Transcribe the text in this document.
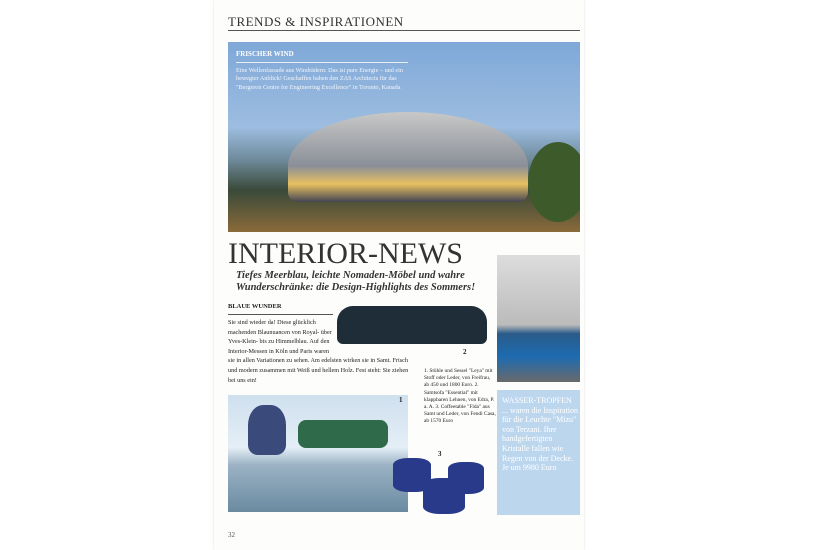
TRENDS & INSPIRATIONEN
FRISCHER WIND
Eine Wellenfassade aus Windrädern: Das ist pure Energie – und ein bewegter Anblick! Geschaffen haben den ZAS Architects für das "Bergeron Centre for Engineering Excellence" in Toronto, Kanada
INTERIOR-NEWS
Tiefes Meerblau, leichte Nomaden-Möbel und wahre Wunderschränke: die Design-Highlights des Sommers!
BLAUE WUNDER
Sie sind wieder da! Diese glücklich machenden Blaunuancen von Royal- über Yves-Klein- bis zu Himmelblau. Auf den Interior-Messen in Köln und Paris waren sie in allen Variationen zu sehen. Am edelsten wirken sie in Samt. Frisch und modern zusammen mit Weiß und hellem Holz. Fest steht: Sie ziehen bei uns ein!
2
1. Stühle und Sessel "Leya" mit Stoff oder Leder, von Freifrau, ab 450 und 1800 Euro. 2. Samtsofa "Essential" mit klappbaren Lehnen, von Edra, P. a. A. 3. Coffeetable "Fida" aus Samt und Leder, von Fendi Casa, ab 1570 Euro
1
3
WASSER-TROPFEN
... waren die Inspiration für die Leuchte "Mizu" von Terzani. Ihre handgefertigten Kristalle fallen wie Regen von der Decke. Je um 9980 Euro
32
